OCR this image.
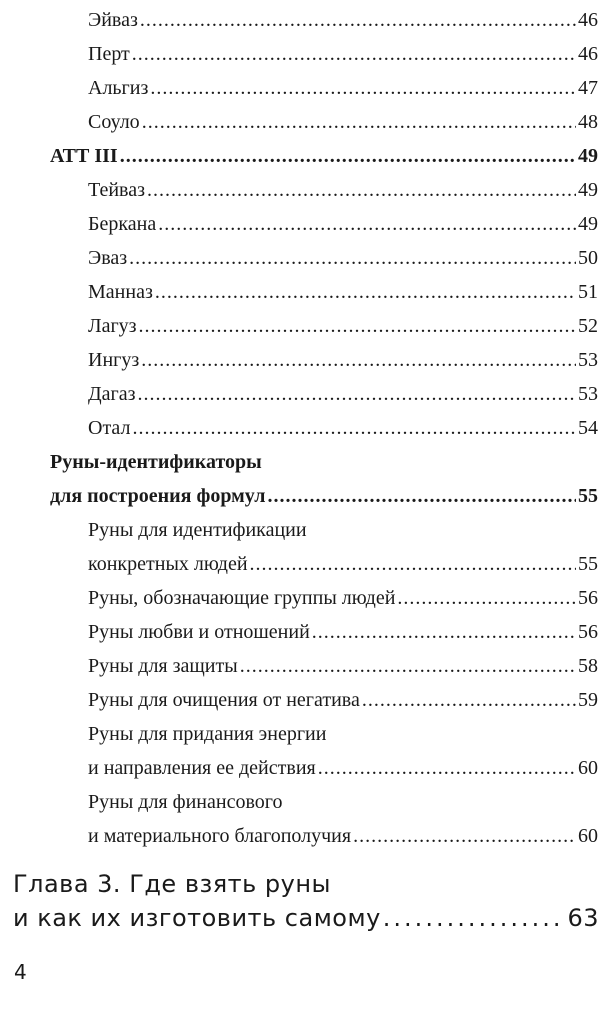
Эйваз .....	46
Перт .....	46
Альгиз .....	47
Соуло .....	48
АТТ III .....	49
Тейваз .....	49
Беркана .....	49
Эваз .....	50
Манназ .....	51
Лагуз .....	52
Ингуз .....	53
Дагаз .....	53
Отал .....	54
Руны-идентификаторы
для построения формул .....	55
Руны для идентификации
конкретных людей .....	55
Руны, обозначающие группы людей .....	56
Руны любви и отношений .....	56
Руны для защиты .....	58
Руны для очищения от негатива .....	59
Руны для придания энергии
и направления ее действия .....	60
Руны для финансового
и материального благополучия .....	60
Глава 3. Где взять руны
и как их изготовить самому .....	63
4
